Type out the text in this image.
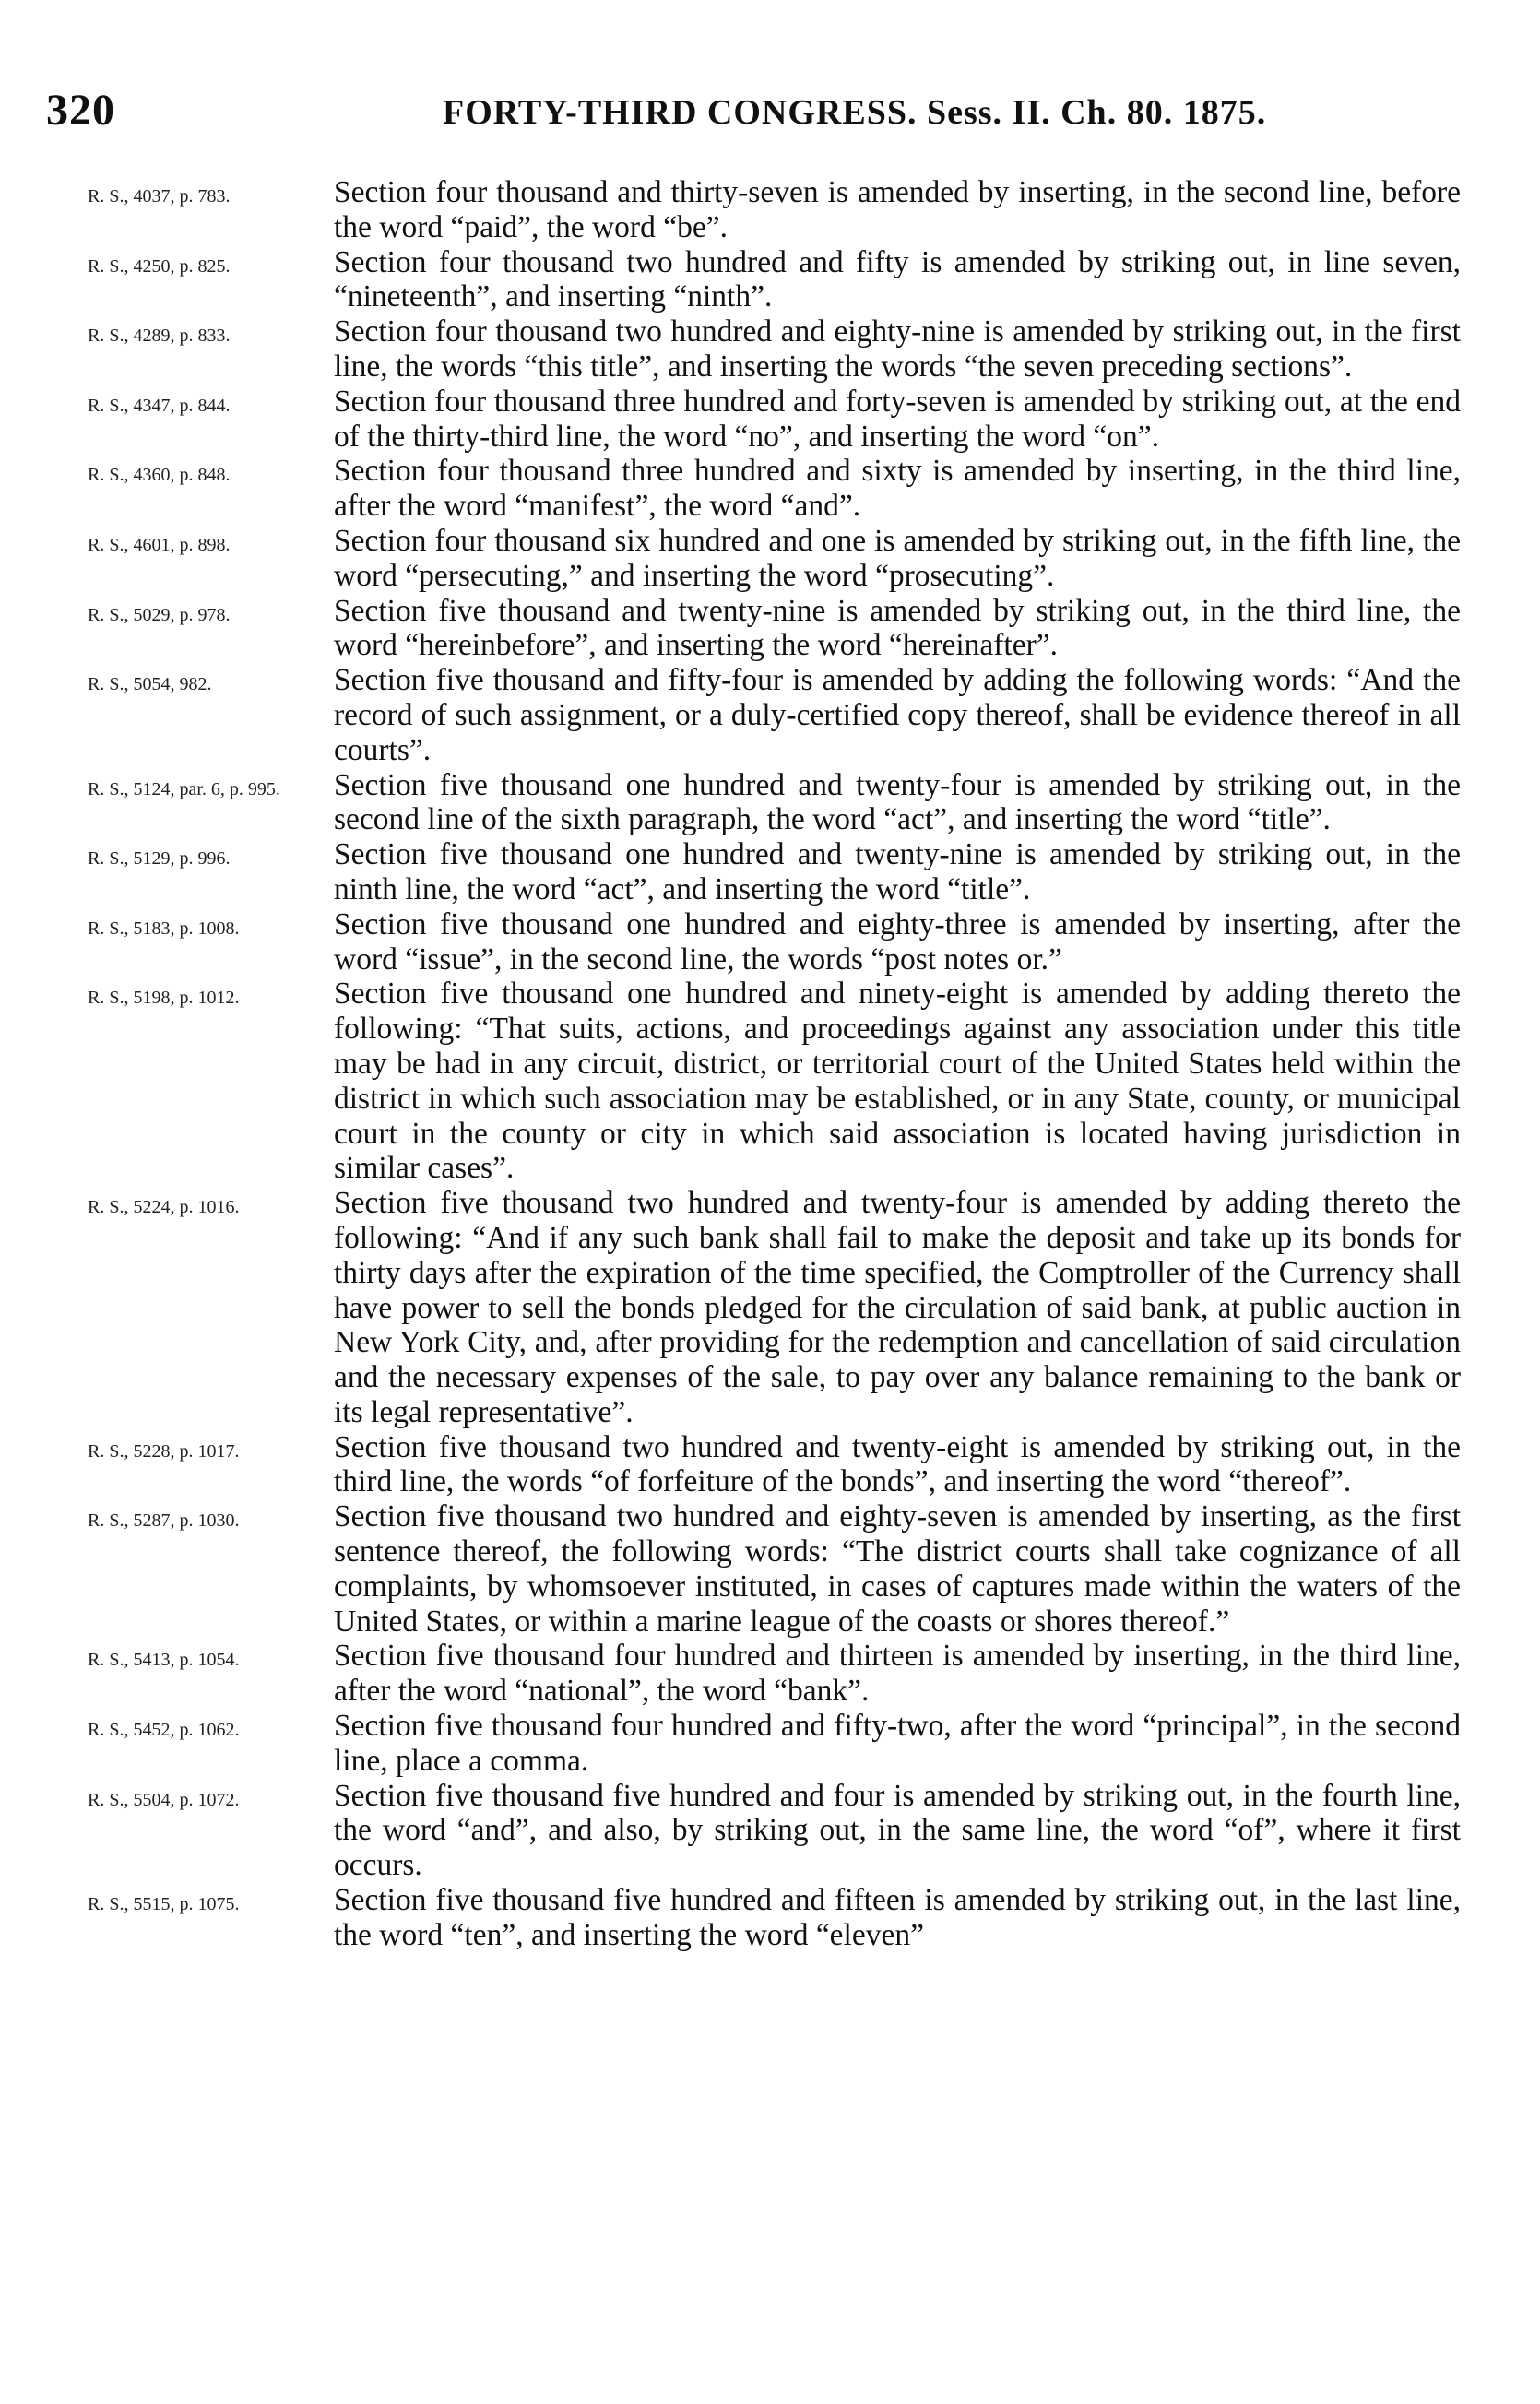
320	FORTY-THIRD CONGRESS. Sess. II. Ch. 80. 1875.
R. S., 4037, p. 783.	Section four thousand and thirty-seven is amended by inserting, in the second line, before the word “paid”, the word “be”.
R. S., 4250, p. 825.	Section four thousand two hundred and fifty is amended by striking out, in line seven, “nineteenth”, and inserting “ninth”.
R. S., 4289, p. 833.	Section four thousand two hundred and eighty-nine is amended by striking out, in the first line, the words “this title”, and inserting the words “the seven preceding sections”.
R. S., 4347, p. 844.	Section four thousand three hundred and forty-seven is amended by striking out, at the end of the thirty-third line, the word “no”, and inserting the word “on”.
R. S., 4360, p. 848.	Section four thousand three hundred and sixty is amended by inserting, in the third line, after the word “manifest”, the word “and”.
R. S., 4601, p. 898.	Section four thousand six hundred and one is amended by striking out, in the fifth line, the word “persecuting,” and inserting the word “prosecuting”.
R. S., 5029, p. 978.	Section five thousand and twenty-nine is amended by striking out, in the third line, the word “hereinbefore”, and inserting the word “hereinafter”.
R. S., 5054, 982.	Section five thousand and fifty-four is amended by adding the following words: “And the record of such assignment, or a duly-certified copy thereof, shall be evidence thereof in all courts”.
R. S., 5124, par. 6, p. 995.	Section five thousand one hundred and twenty-four is amended by striking out, in the second line of the sixth paragraph, the word “act”, and inserting the word “title”.
R. S., 5129, p. 996.	Section five thousand one hundred and twenty-nine is amended by striking out, in the ninth line, the word “act”, and inserting the word “title”.
R. S., 5183, p. 1008.	Section five thousand one hundred and eighty-three is amended by inserting, after the word “issue”, in the second line, the words “post notes or.”
R. S., 5198, p. 1012.	Section five thousand one hundred and ninety-eight is amended by adding thereto the following: “That suits, actions, and proceedings against any association under this title may be had in any circuit, district, or territorial court of the United States held within the district in which such association may be established, or in any State, county, or municipal court in the county or city in which said association is located having jurisdiction in similar cases”.
R. S., 5224, p. 1016.	Section five thousand two hundred and twenty-four is amended by adding thereto the following: “And if any such bank shall fail to make the deposit and take up its bonds for thirty days after the expiration of the time specified, the Comptroller of the Currency shall have power to sell the bonds pledged for the circulation of said bank, at public auction in New York City, and, after providing for the redemption and cancellation of said circulation and the necessary expenses of the sale, to pay over any balance remaining to the bank or its legal representative”.
R. S., 5228, p. 1017.	Section five thousand two hundred and twenty-eight is amended by striking out, in the third line, the words “of forfeiture of the bonds”, and inserting the word “thereof”.
R. S., 5287, p. 1030.	Section five thousand two hundred and eighty-seven is amended by inserting, as the first sentence thereof, the following words: “The district courts shall take cognizance of all complaints, by whomsoever instituted, in cases of captures made within the waters of the United States, or within a marine league of the coasts or shores thereof.”
R. S., 5413, p. 1054.	Section five thousand four hundred and thirteen is amended by inserting, in the third line, after the word “national”, the word “bank”.
R. S., 5452, p. 1062.	Section five thousand four hundred and fifty-two, after the word “principal”, in the second line, place a comma.
R. S., 5504, p. 1072.	Section five thousand five hundred and four is amended by striking out, in the fourth line, the word “and”, and also, by striking out, in the same line, the word “of”, where it first occurs.
R. S., 5515, p. 1075.	Section five thousand five hundred and fifteen is amended by striking out, in the last line, the word “ten”, and inserting the word “eleven”
